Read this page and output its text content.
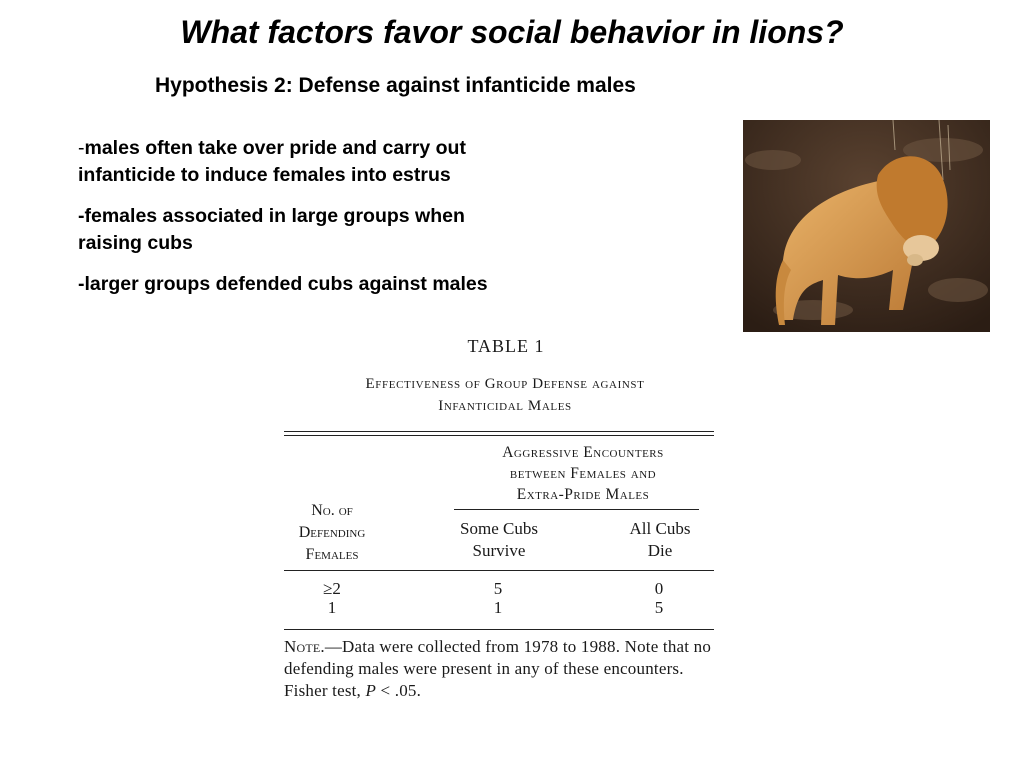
What factors favor social behavior in lions?
Hypothesis 2: Defense against infanticide males
-males often take over pride and carry out infanticide to induce females into estrus
-females associated in large groups when raising cubs
-larger groups defended cubs against males
TABLE 1
Effectiveness of Group Defense against
Infanticidal Males
Aggressive Encounters
between Females and
Extra-Pride Males
No. of
Defending
Females
Some Cubs
Survive
All Cubs
Die
≥2	5	0
1	1	5
Note.—Data were collected from 1978 to 1988. Note that no defending males were present in any of these encounters. Fisher test, P < .05.
